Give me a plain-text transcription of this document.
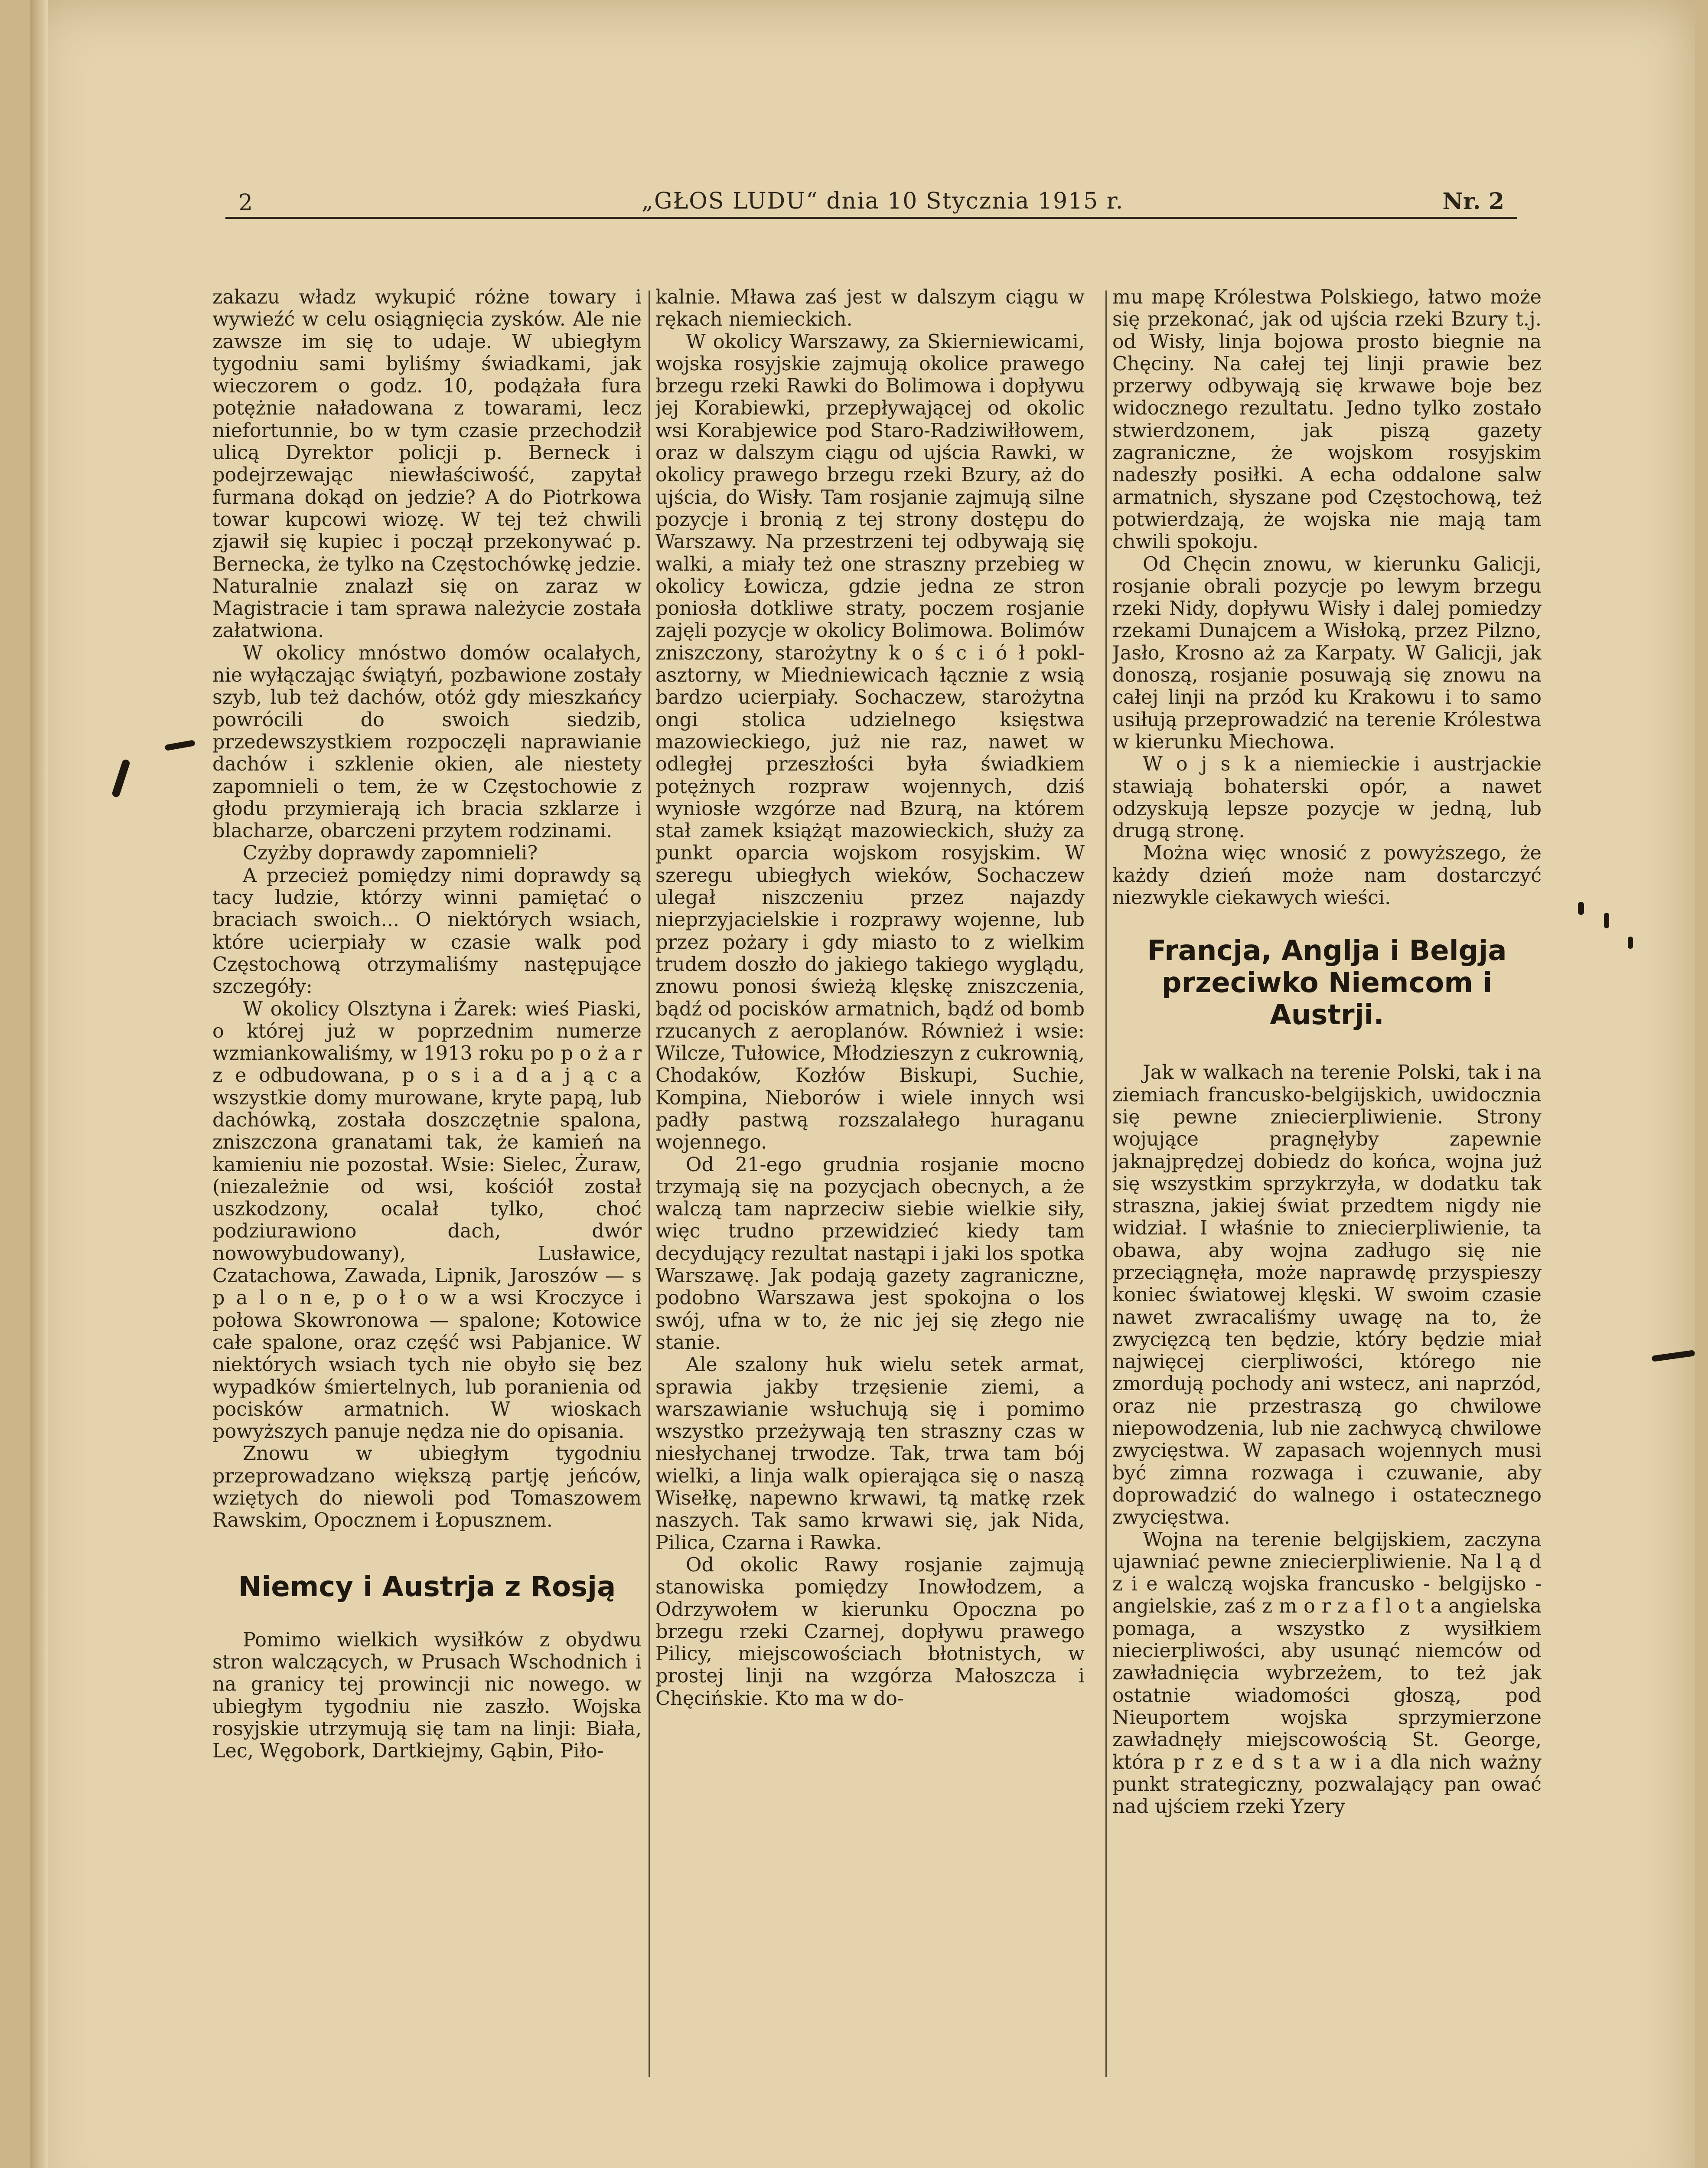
2	„GŁOS LUDU“ dnia 10 Stycznia 1915 r.	Nr. 2

zakazu władz wykupić różne towary i wywieźć w celu osiągnięcia zysków. Ale nie zawsze im się to udaje. W ubiegłym tygodniu sami byliśmy świadkami, jak wieczorem o godz. 10, podążała fura potężnie naładowana z towarami, lecz niefortunnie, bo w tym czasie przechodził ulicą Dyrektor policji p. Berneck i podejrzewając niewłaściwość, zapytał furmana dokąd on jedzie? A do Piotrkowa towar kupcowi wiozę. W tej też chwili zjawił się kupiec i począł przekonywać p. Bernecka, że tylko na Częstochówkę jedzie. Naturalnie znalazł się on zaraz w Magistracie i tam sprawa należycie została załatwiona.

W okolicy mnóstwo domów ocalałych, nie wyłączając świątyń, pozbawione zostały szyb, lub też dachów, otóż gdy mieszkańcy powrócili do swoich siedzib, przedewszystkiem rozpoczęli naprawianie dachów i szklenie okien, ale niestety zapomnieli o tem, że w Częstochowie z głodu przymierają ich bracia szklarze i blacharze, obarczeni przytem rodzinami.

Czyżby doprawdy zapomnieli?

A przecież pomiędzy nimi doprawdy są tacy ludzie, którzy winni pamiętać o braciach swoich... O niektórych wsiach, które ucierpiały w czasie walk pod Częstochową otrzymaliśmy następujące szczegóły:

W okolicy Olsztyna i Żarek: wieś Piaski, o której już w poprzednim numerze wzmiankowaliśmy, w 1913 roku po p o ż a r z e odbudowana, p o s i a d a j ą c a wszystkie domy murowane, kryte papą, lub dachówką, została doszczętnie spalona, zniszczona granatami tak, że kamień na kamieniu nie pozostał. Wsie: Sielec, Żuraw, (niezależnie od wsi, kościół został uszkodzony, ocalał tylko, choć podziurawiono dach, dwór nowowybudowany), Lusławice, Czatachowa, Zawada, Lipnik, Jaroszów — s p a l o n e, p o ł o w a wsi Kroczyce i połowa Skowronowa — spalone; Kotowice całe spalone, oraz część wsi Pabjanice. W niektórych wsiach tych nie obyło się bez wypadków śmiertelnych, lub poranienia od pocisków armatnich. W wioskach powyższych panuje nędza nie do opisania.

Znowu w ubiegłym tygodniu przeprowadzano większą partję jeńców, wziętych do niewoli pod Tomaszowem Rawskim, Opocznem i Łopusznem.

Niemcy i Austrja z Rosją

Pomimo wielkich wysiłków z obydwu stron walczących, w Prusach Wschodnich i na granicy tej prowincji nic nowego. w ubiegłym tygodniu nie zaszło. Wojska rosyjskie utrzymują się tam na linji: Biała, Lec, Węgobork, Dartkiejmy, Gąbin, Piło-

kalnie. Mława zaś jest w dalszym ciągu w rękach niemieckich.

W okolicy Warszawy, za Skierniewicami, wojska rosyjskie zajmują okolice prawego brzegu rzeki Rawki do Bolimowa i dopływu jej Korabiewki, przepływającej od okolic wsi Korabjewice pod Staro-Radziwiłłowem, oraz w dalszym ciągu od ujścia Rawki, w okolicy prawego brzegu rzeki Bzury, aż do ujścia, do Wisły. Tam rosjanie zajmują silne pozycje i bronią z tej strony dostępu do Warszawy. Na przestrzeni tej odbywają się walki, a miały też one straszny przebieg w okolicy Łowicza, gdzie jedna ze stron poniosła dotkliwe straty, poczem rosjanie zajęli pozycje w okolicy Bolimowa. Bolimów zniszczony, starożytny k o ś c i ó ł poklasztorny, w Miedniewicach łącznie z wsią bardzo ucierpiały. Sochaczew, starożytna ongi stolica udzielnego księstwa mazowieckiego, już nie raz, nawet w odległej przeszłości była świadkiem potężnych rozpraw wojennych, dziś wyniosłe wzgórze nad Bzurą, na którem stał zamek książąt mazowieckich, służy za punkt oparcia wojskom rosyjskim. W szeregu ubiegłych wieków, Sochaczew ulegał niszczeniu przez najazdy nieprzyjacielskie i rozprawy wojenne, lub przez pożary i gdy miasto to z wielkim trudem doszło do jakiego takiego wyglądu, znowu ponosi świeżą klęskę zniszczenia, bądź od pocisków armatnich, bądź od bomb rzucanych z aeroplanów. Również i wsie: Wilcze, Tułowice, Młodzieszyn z cukrownią, Chodaków, Kozłów Biskupi, Suchie, Kompina, Nieborów i wiele innych wsi padły pastwą rozszalałego huraganu wojennego.

Od 21-ego grudnia rosjanie mocno trzymają się na pozycjach obecnych, a że walczą tam naprzeciw siebie wielkie siły, więc trudno przewidzieć kiedy tam decydujący rezultat nastąpi i jaki los spotka Warszawę. Jak podają gazety zagraniczne, podobno Warszawa jest spokojna o los swój, ufna w to, że nic jej się złego nie stanie.

Ale szalony huk wielu setek armat, sprawia jakby trzęsienie ziemi, a warszawianie wsłuchują się i pomimo wszystko przeżywają ten straszny czas w niesłychanej trwodze. Tak, trwa tam bój wielki, a linja walk opierająca się o naszą Wisełkę, napewno krwawi, tą matkę rzek naszych. Tak samo krwawi się, jak Nida, Pilica, Czarna i Rawka.

Od okolic Rawy rosjanie zajmują stanowiska pomiędzy Inowłodzem, a Odrzywołem w kierunku Opoczna po brzegu rzeki Czarnej, dopływu prawego Pilicy, miejscowościach błotnistych, w prostej linji na wzgórza Małoszcza i Chęcińskie. Kto ma w do-

mu mapę Królestwa Polskiego, łatwo może się przekonać, jak od ujścia rzeki Bzury t.j. od Wisły, linja bojowa prosto biegnie na Chęciny. Na całej tej linji prawie bez przerwy odbywają się krwawe boje bez widocznego rezultatu. Jedno tylko zostało stwierdzonem, jak piszą gazety zagraniczne, że wojskom rosyjskim nadeszły posiłki. A echa oddalone salw armatnich, słyszane pod Częstochową, też potwierdzają, że wojska nie mają tam chwili spokoju.

Od Chęcin znowu, w kierunku Galicji, rosjanie obrali pozycje po lewym brzegu rzeki Nidy, dopływu Wisły i dalej pomiedzy rzekami Dunajcem a Wisłoką, przez Pilzno, Jasło, Krosno aż za Karpaty. W Galicji, jak donoszą, rosjanie posuwają się znowu na całej linji na przód ku Krakowu i to samo usiłują przeprowadzić na terenie Królestwa w kierunku Miechowa.

W o j s k a niemieckie i austrjackie stawiają bohaterski opór, a nawet odzyskują lepsze pozycje w jedną, lub drugą stronę.

Można więc wnosić z powyższego, że każdy dzień może nam dostarczyć niezwykle ciekawych wieści.

Francja, Anglja i Belgja przeciwko Niemcom i Austrji.

Jak w walkach na terenie Polski, tak i na ziemiach francusko-belgijskich, uwidocznia się pewne zniecierpliwienie. Strony wojujące pragnęłyby zapewnie jaknajprędzej dobiedz do końca, wojna już się wszystkim sprzykrzyła, w dodatku tak straszna, jakiej świat przedtem nigdy nie widział. I właśnie to zniecierpliwienie, ta obawa, aby wojna zadługo się nie przeciągnęła, może naprawdę przyspieszy koniec światowej klęski. W swoim czasie nawet zwracaliśmy uwagę na to, że zwycięzcą ten będzie, który będzie miał najwięcej cierpliwości, którego nie zmordują pochody ani wstecz, ani naprzód, oraz nie przestraszą go chwilowe niepowodzenia, lub nie zachwycą chwilowe zwycięstwa. W zapasach wojennych musi być zimna rozwaga i czuwanie, aby doprowadzić do walnego i ostatecznego zwycięstwa.

Wojna na terenie belgijskiem, zaczyna ujawniać pewne zniecierpliwienie. Na l ą d z i e walczą wojska francusko - belgijsko - angielskie, zaś z m o r z a f l o t a angielska pomaga, a wszystko z wysiłkiem niecierpliwości, aby usunąć niemców od zawładnięcia wybrzeżem, to też jak ostatnie wiadomości głoszą, pod Nieuportem wojska sprzymierzone zawładnęły miejscowością St. George, która p r z e d s t a w i a dla nich ważny punkt strategiczny, pozwalający pan ować nad ujściem rzeki Yzery
